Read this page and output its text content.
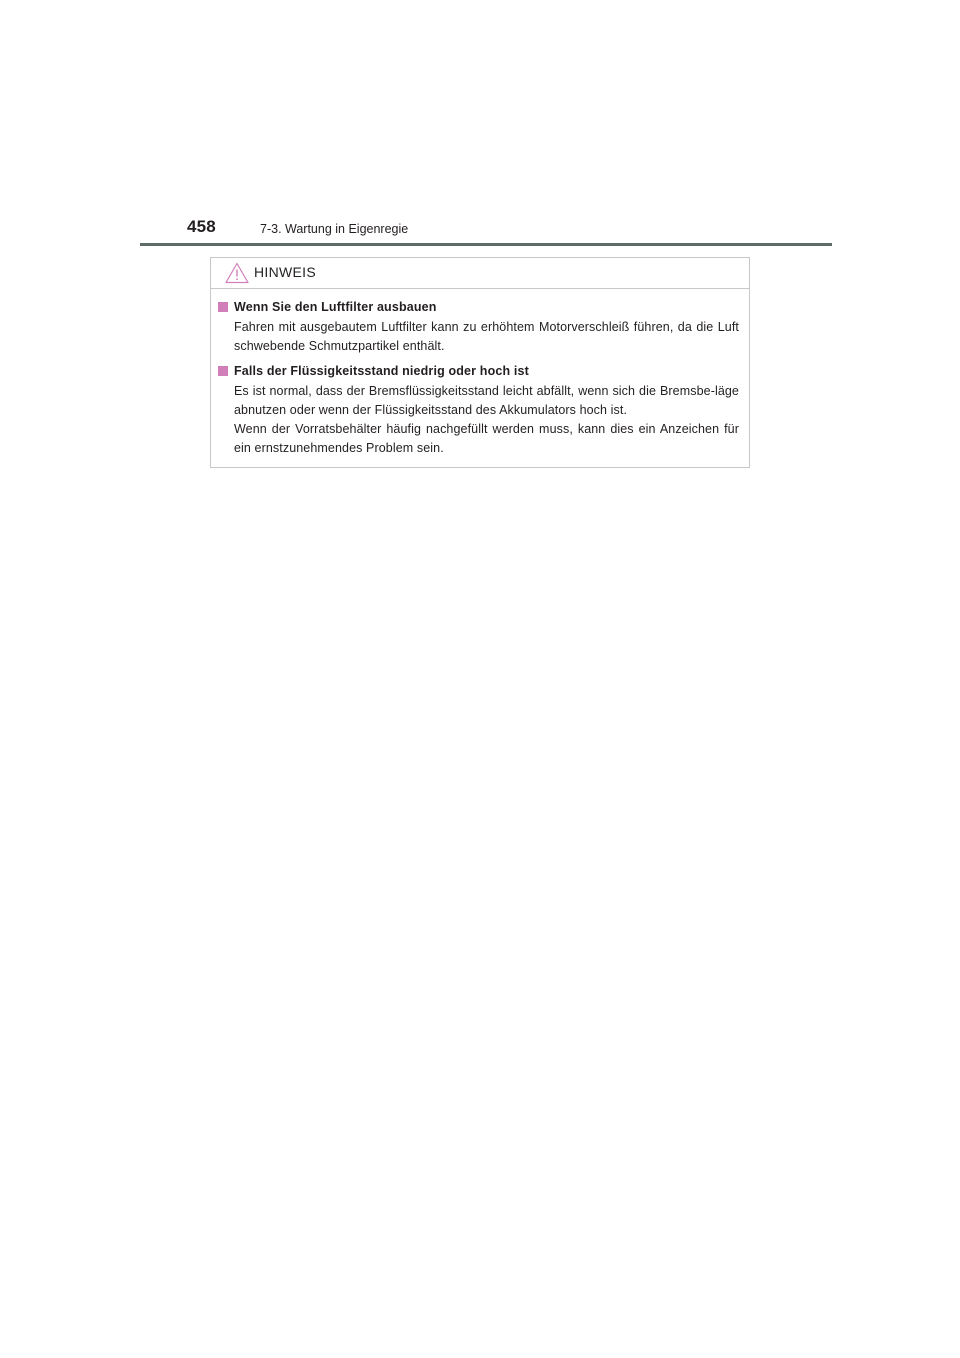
458	7-3. Wartung in Eigenregie
HINWEIS
Wenn Sie den Luftfilter ausbauen

Fahren mit ausgebautem Luftfilter kann zu erhöhtem Motorverschleiß führen, da die Luft schwebende Schmutzpartikel enthält.

Falls der Flüssigkeitsstand niedrig oder hoch ist

Es ist normal, dass der Bremsflüssigkeitsstand leicht abfällt, wenn sich die Bremsbe-läge abnutzen oder wenn der Flüssigkeitsstand des Akkumulators hoch ist.

Wenn der Vorratsbehälter häufig nachgefüllt werden muss, kann dies ein Anzeichen für ein ernstzunehmendes Problem sein.
